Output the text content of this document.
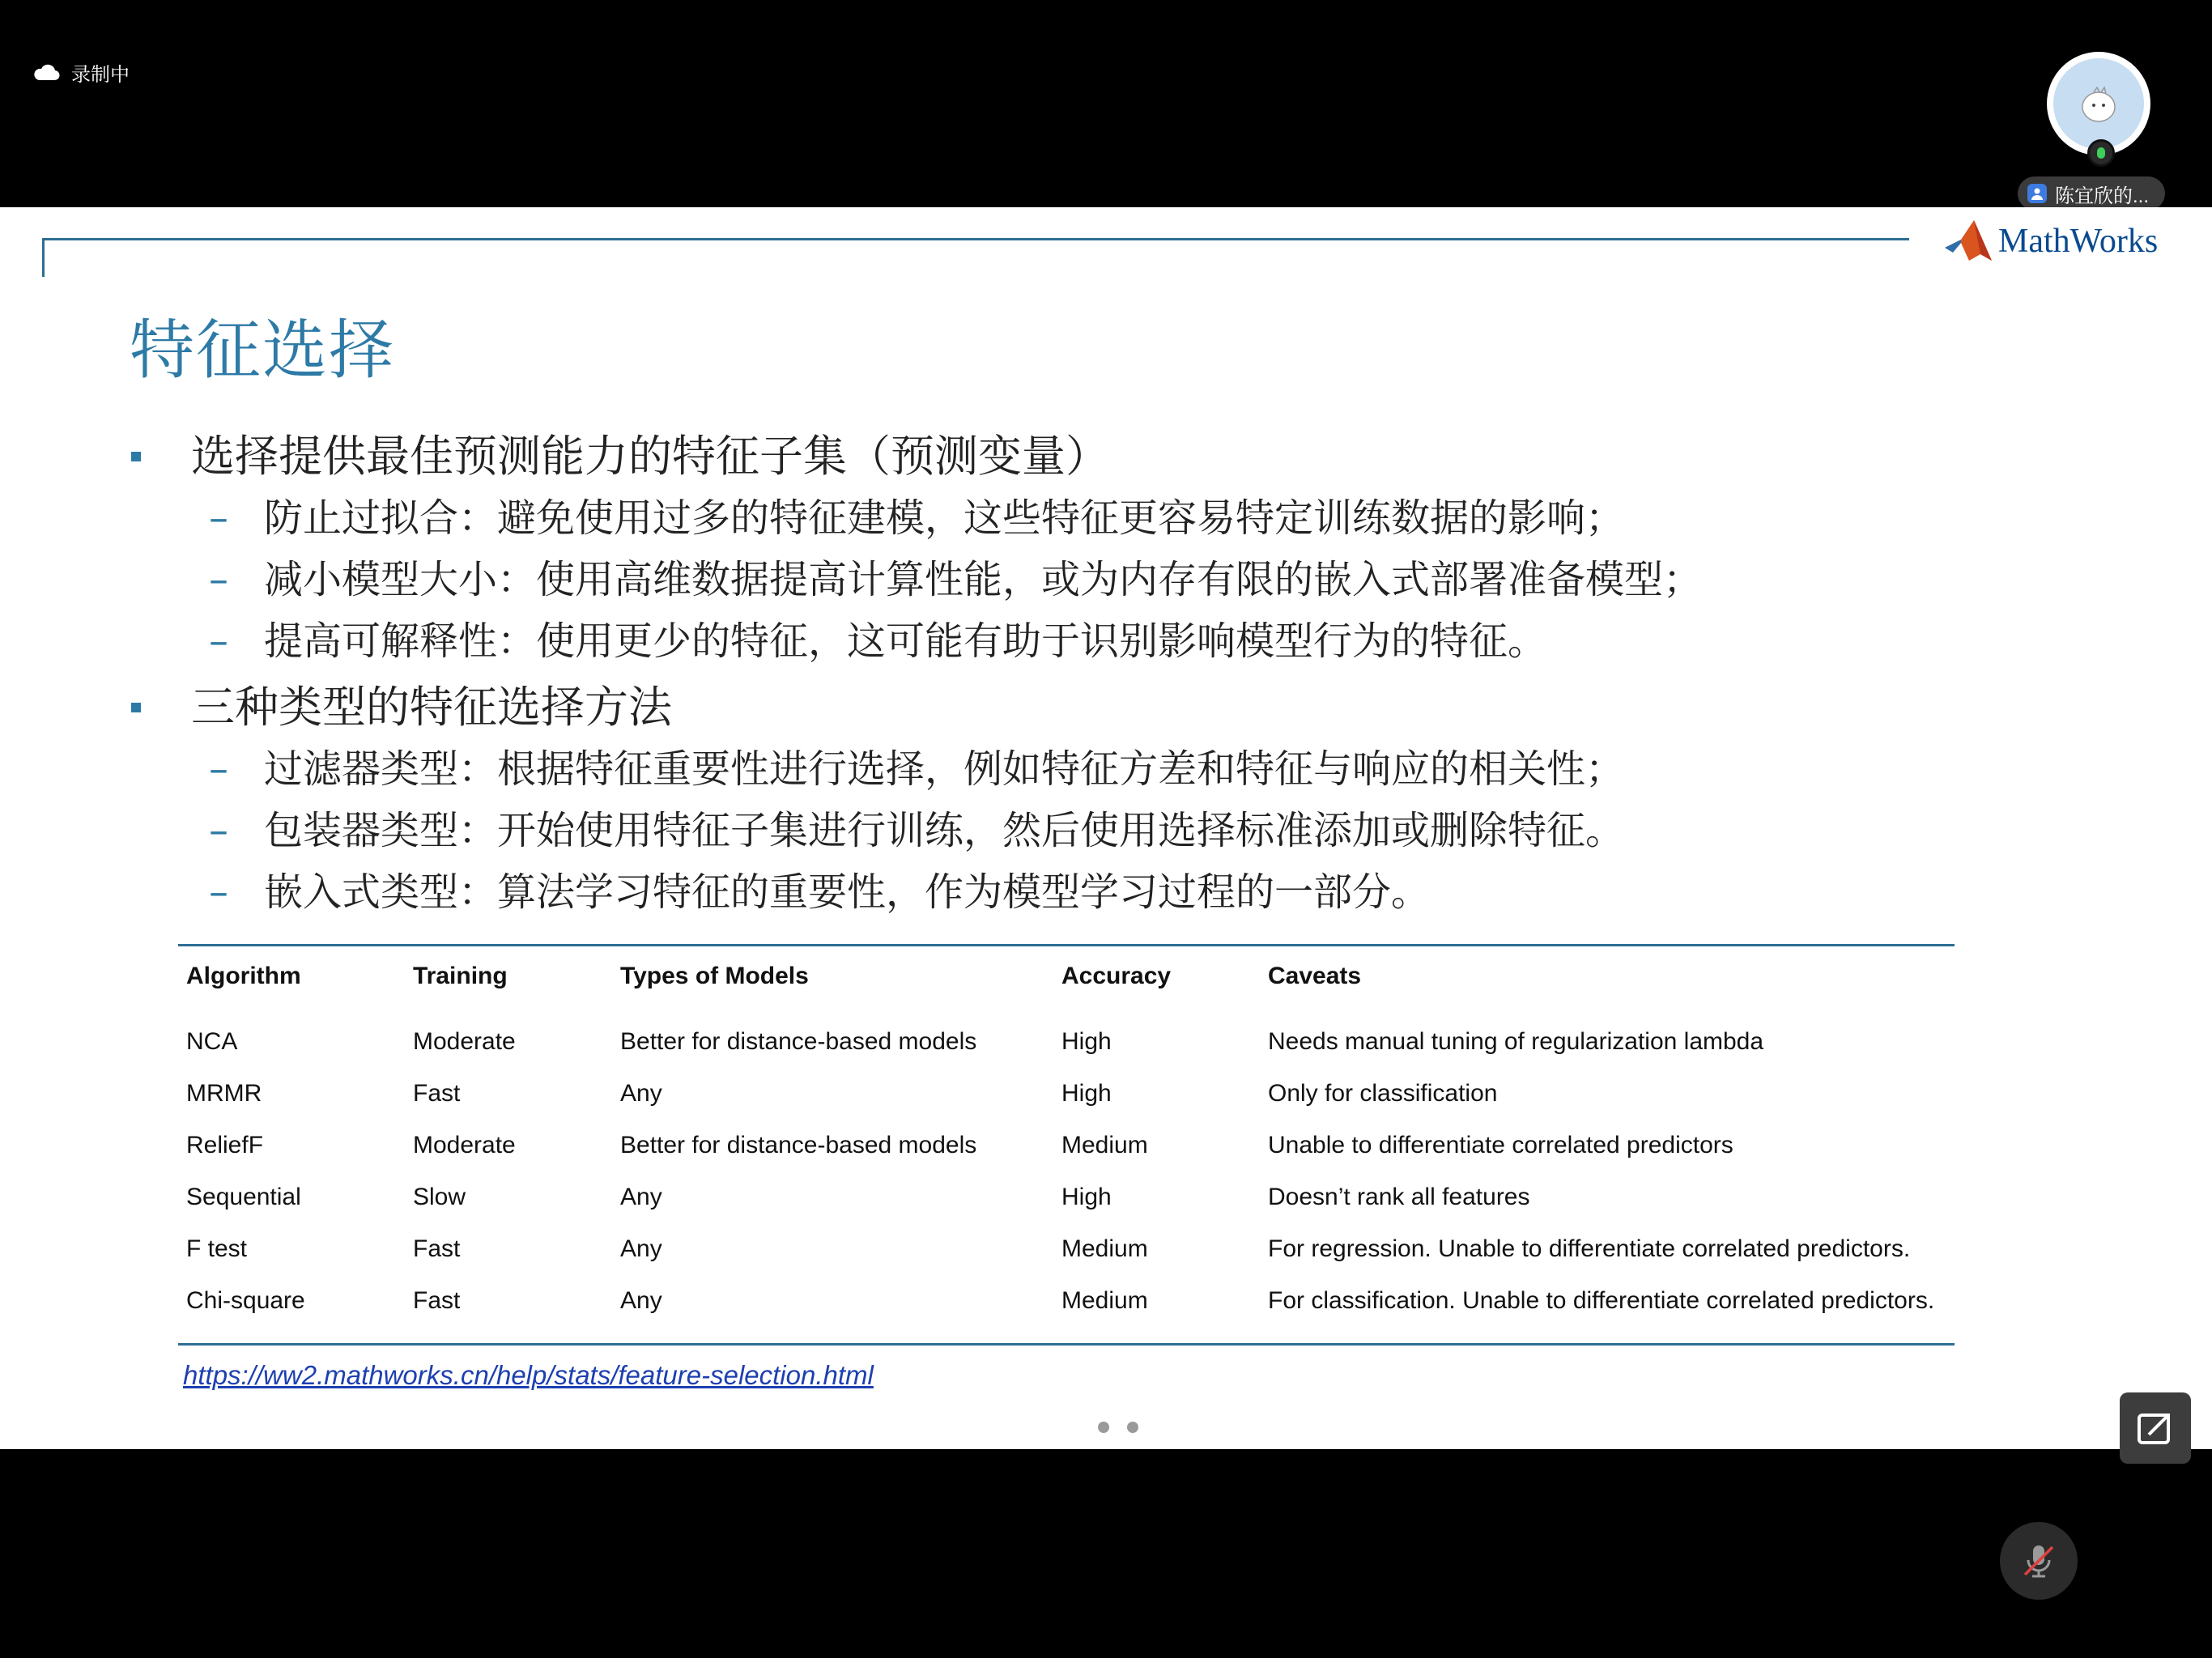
录制中
陈宜欣的...
MathWorks
特征选择
选择提供最佳预测能力的特征子集（预测变量）
– 防止过拟合：避免使用过多的特征建模，这些特征更容易特定训练数据的影响；
– 减小模型大小：使用高维数据提高计算性能，或为内存有限的嵌入式部署准备模型；
– 提高可解释性：使用更少的特征，这可能有助于识别影响模型行为的特征。
三种类型的特征选择方法
– 过滤器类型：根据特征重要性进行选择，例如特征方差和特征与响应的相关性；
– 包装器类型：开始使用特征子集进行训练，然后使用选择标准添加或删除特征。
– 嵌入式类型：算法学习特征的重要性，作为模型学习过程的一部分。
Algorithm	Training	Types of Models	Accuracy	Caveats
NCA	Moderate	Better for distance-based models	High	Needs manual tuning of regularization lambda
MRMR	Fast	Any	High	Only for classification
ReliefF	Moderate	Better for distance-based models	Medium	Unable to differentiate correlated predictors
Sequential	Slow	Any	High	Doesn’t rank all features
F test	Fast	Any	Medium	For regression. Unable to differentiate correlated predictors.
Chi-square	Fast	Any	Medium	For classification. Unable to differentiate correlated predictors.
https://ww2.mathworks.cn/help/stats/feature-selection.html
